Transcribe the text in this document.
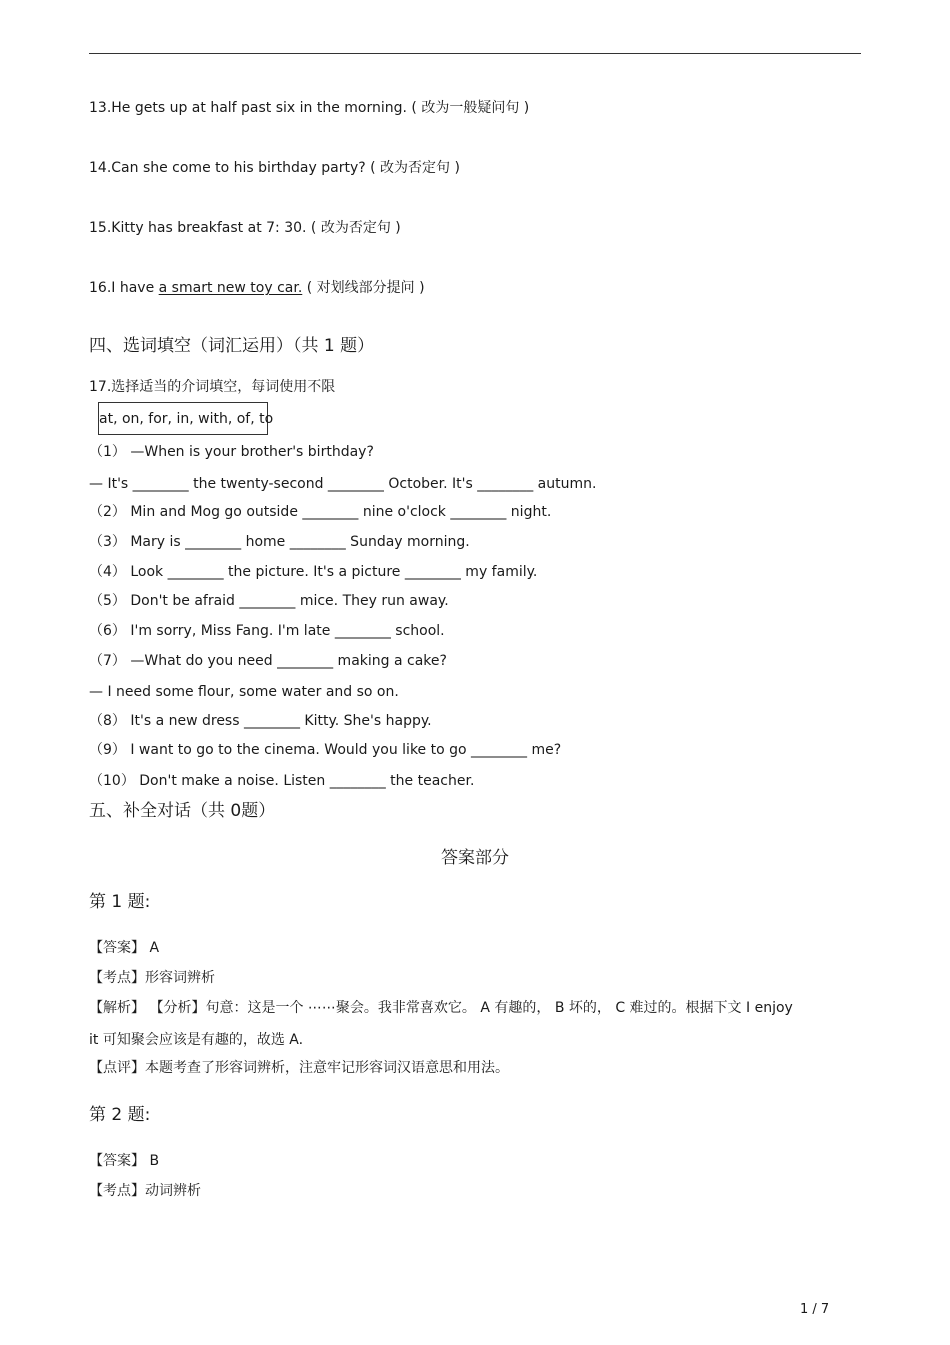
13.He gets up at half past six in the morning. ( 改为一般疑问句 )
14.Can she come to his birthday party? ( 改为否定句 )
15.Kitty has breakfast at 7: 30. ( 改为否定句 )
16.I have a smart new toy car. ( 对划线部分提问 )
四、选词填空（词汇运用）（共 1 题）
17.选择适当的介词填空，每词使用不限
at, on, for, in, with, of, to
（1） —When is your brother's birthday?
— It's ________ the twenty-second ________ October. It's ________ autumn.
（2） Min and Mog go outside ________ nine o'clock ________ night.
（3） Mary is ________ home ________ Sunday morning.
（4） Look ________ the picture. It's a picture ________ my family.
（5） Don't be afraid ________ mice. They run away.
（6） I'm sorry, Miss Fang. I'm late ________ school.
（7） —What do you need ________ making a cake?
— I need some flour, some water and so on.
（8） It's a new dress ________ Kitty. She's happy.
（9） I want to go to the cinema. Would you like to go ________ me?
（10） Don't make a noise. Listen ________ the teacher.
五、补全对话（共 0题）
答案部分
第 1 题:
【答案】 A
【考点】形容词辨析
【解析】 【分析】句意：这是一个 ⋯⋯聚会。我非常喜欢它。 A 有趣的， B 坏的， C 难过的。根据下文 I enjoy
it 可知聚会应该是有趣的，故选 A.
【点评】本题考查了形容词辨析，注意牢记形容词汉语意思和用法。
第 2 题:
【答案】 B
【考点】动词辨析
1 / 7
